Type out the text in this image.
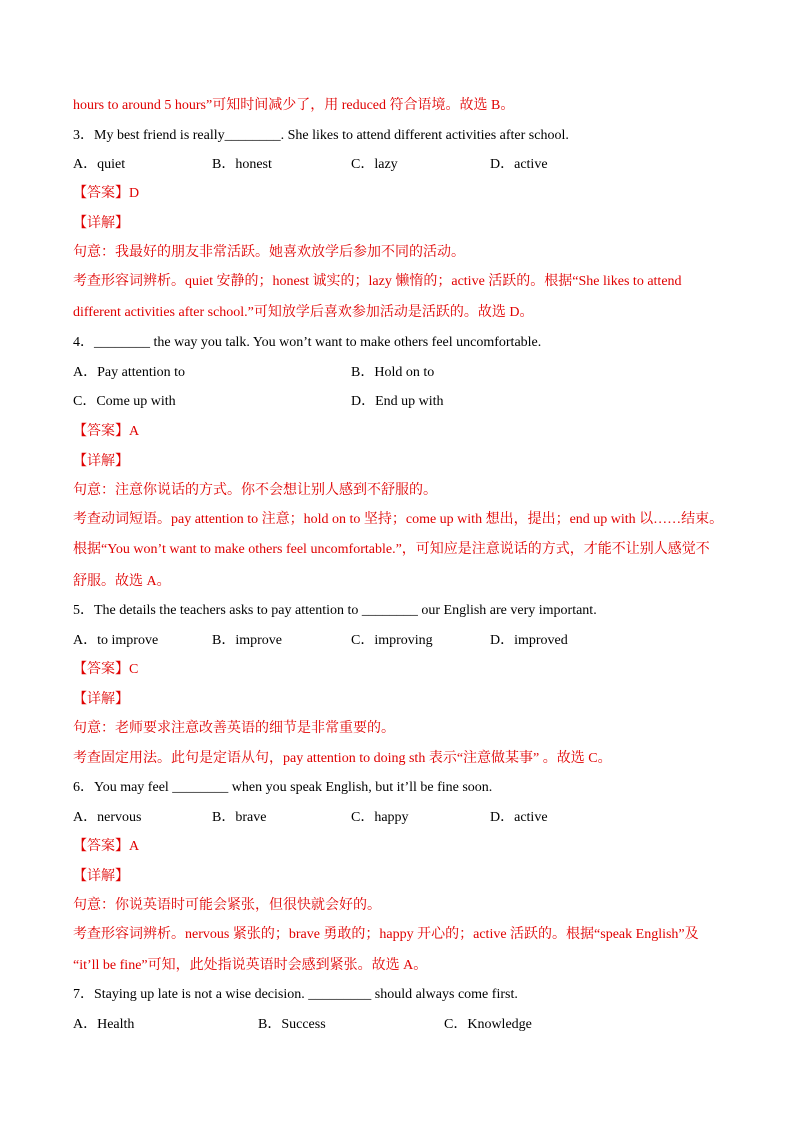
hours to around 5 hours”可知时间减少了，用 reduced 符合语境。故选 B。
3．My best friend is really________. She likes to attend different activities after school.
A．quiet	B．honest	C．lazy	D．active
【答案】D
【详解】
句意：我最好的朋友非常活跃。她喜欢放学后参加不同的活动。
考查形容词辨析。quiet 安静的；honest 诚实的；lazy 懒惰的；active 活跃的。根据“She likes to attend
different activities after school.”可知放学后喜欢参加活动是活跃的。故选 D。
4．________ the way you talk. You won’t want to make others feel uncomfortable.
A．Pay attention to	B．Hold on to
C．Come up with	D．End up with
【答案】A
【详解】
句意：注意你说话的方式。你不会想让别人感到不舒服的。
考查动词短语。pay attention to 注意；hold on to 坚持；come up with 想出，提出；end up with 以……结束。
根据“You won’t want to make others feel uncomfortable.”，可知应是注意说话的方式，才能不让别人感觉不
舒服。故选 A。
5．The details the teachers asks to pay attention to ________ our English are very important.
A．to improve	B．improve	C．improving	D．improved
【答案】C
【详解】
句意：老师要求注意改善英语的细节是非常重要的。
考查固定用法。此句是定语从句，pay attention to doing sth 表示“注意做某事” 。故选 C。
6．You may feel ________ when you speak English, but it’ll be fine soon.
A．nervous	B．brave	C．happy	D．active
【答案】A
【详解】
句意：你说英语时可能会紧张，但很快就会好的。
考查形容词辨析。nervous 紧张的；brave 勇敢的；happy 开心的；active 活跃的。根据“speak English”及
“it’ll be fine”可知，此处指说英语时会感到紧张。故选 A。
7．Staying up late is not a wise decision. _________ should always come first.
A．Health	B．Success	C．Knowledge
